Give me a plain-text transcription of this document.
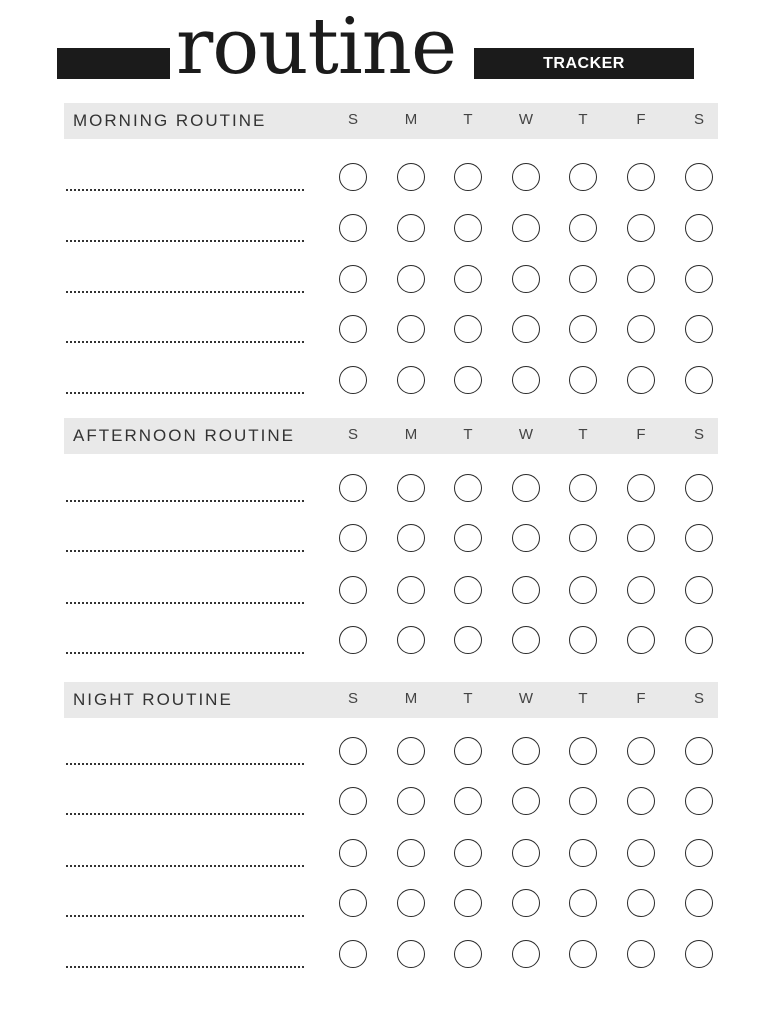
routine	TRACKER
MORNING ROUTINE	S	M	T	W	T	F	S
AFTERNOON ROUTINE	S	M	T	W	T	F	S
NIGHT ROUTINE	S	M	T	W	T	F	S
